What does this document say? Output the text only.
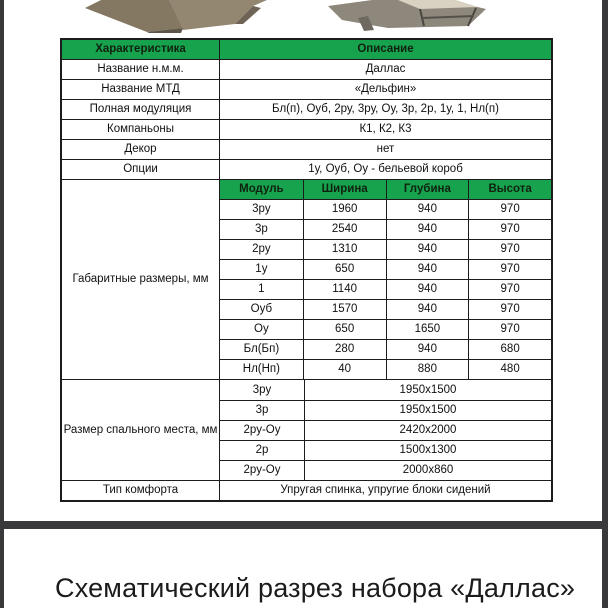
Характеристика	Описание
Название н.м.м.	Даллас
Название МТД	«Дельфин»
Полная модуляция	Бл(п), Оуб, 2ру, 3ру, Оу, 3р, 2р, 1у, 1, Нл(п)
Компаньоны	К1, К2, К3
Декор	нет
Опции	1у, Оуб, Оу - бельевой короб
Габаритные размеры, мм
Модуль	Ширина	Глубина	Высота
3ру	1960	940	970
3р	2540	940	970
2ру	1310	940	970
1у	650	940	970
1	1140	940	970
Оуб	1570	940	970
Оу	650	1650	970
Бл(Бп)	280	940	680
Нл(Нп)	40	880	480
Размер спального места, мм
3ру	1950х1500
3р	1950х1500
2ру-Оу	2420х2000
2р	1500х1300
2ру-Оу	2000х860
Тип комфорта	Упругая спинка, упругие блоки сидений
Схематический разрез набора «Даллас»
